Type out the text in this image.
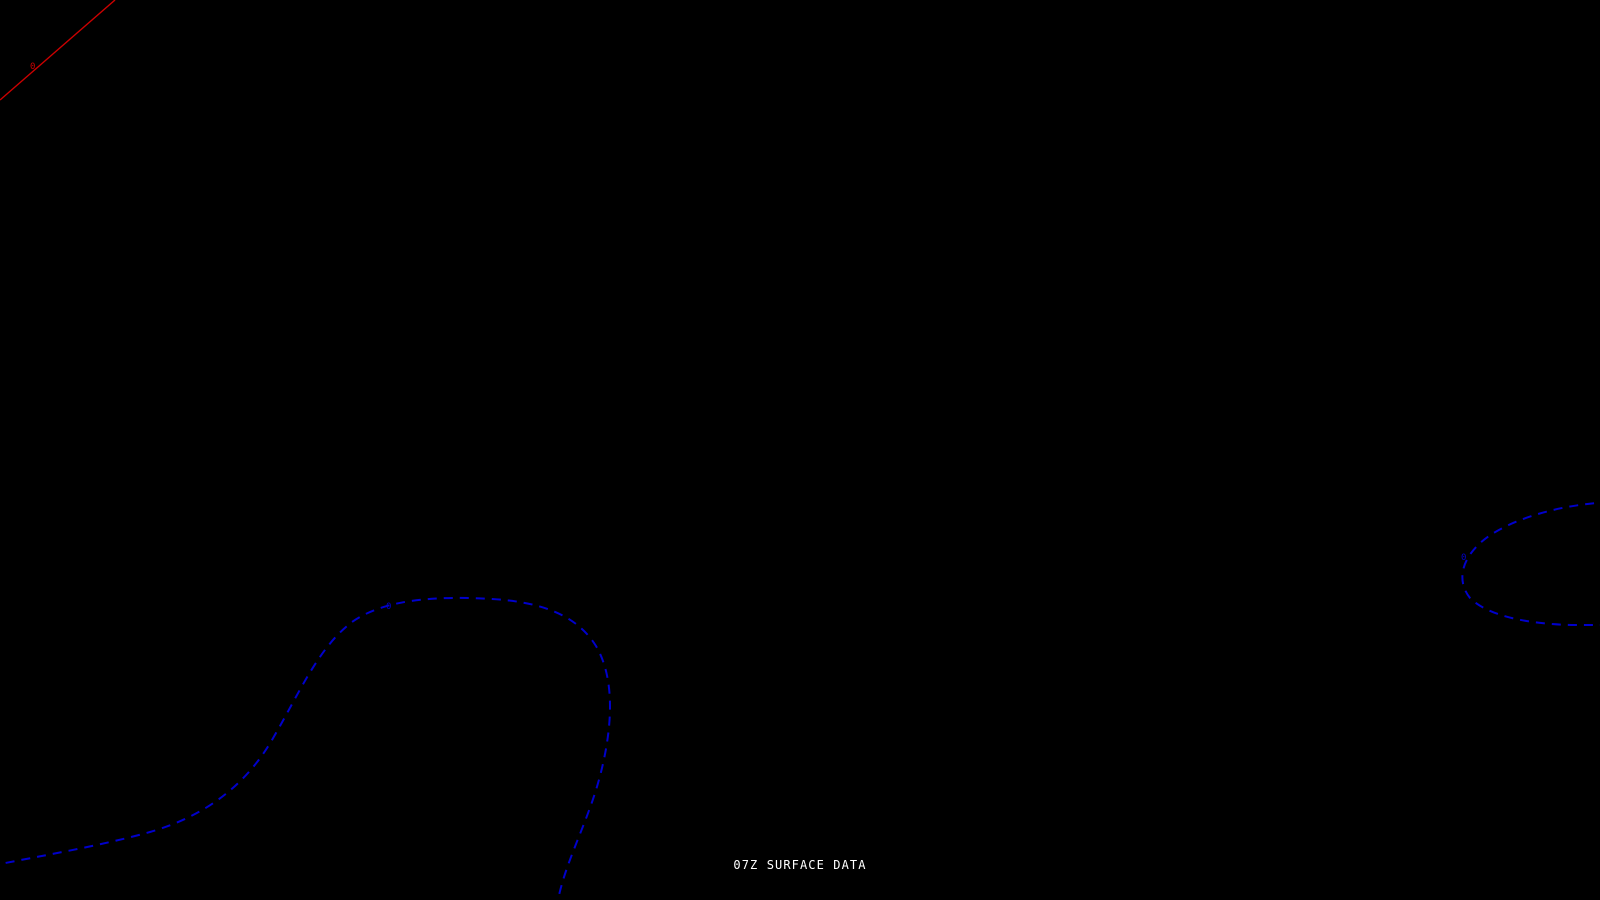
0
0
0
07Z SURFACE DATA
